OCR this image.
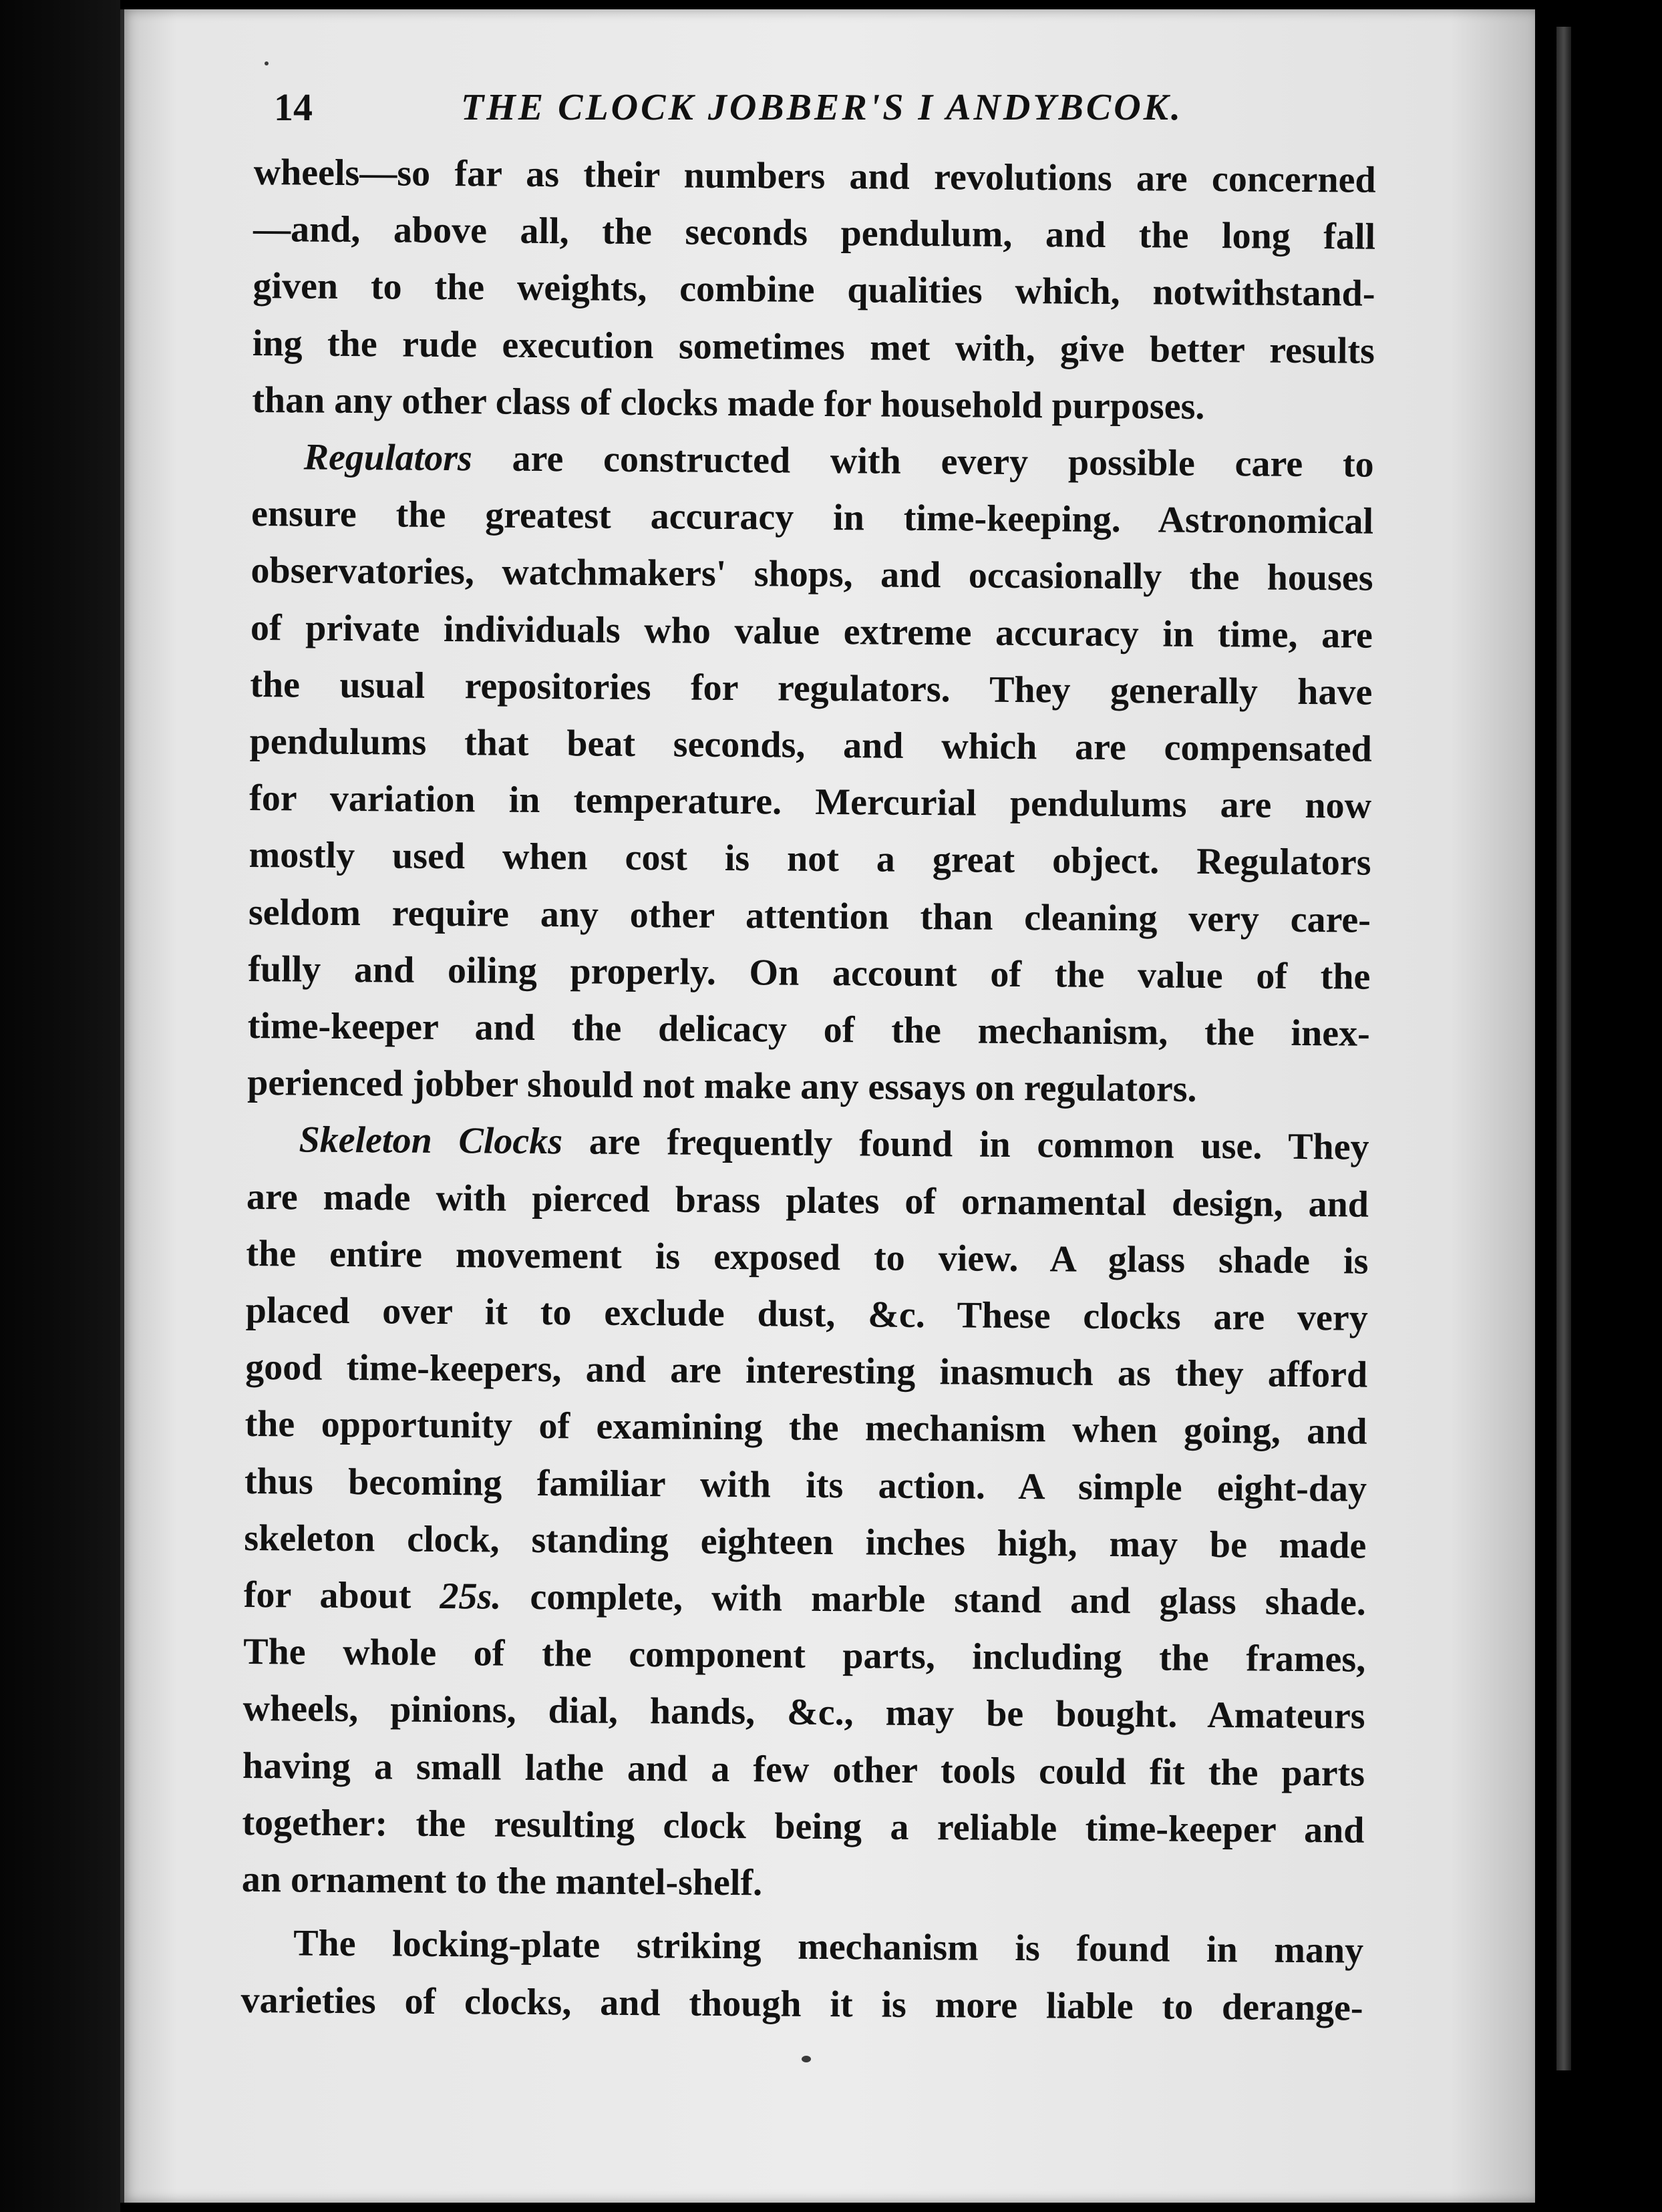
14	THE CLOCK JOBBER'S I ANDYBCOK.
wheels—so far as their numbers and revolutions are concerned
—and, above all, the seconds pendulum, and the long fall
given to the weights, combine qualities which, notwithstand-
ing the rude execution sometimes met with, give better results
than any other class of clocks made for household purposes.
Regulators are constructed with every possible care to
ensure the greatest accuracy in time-keeping. Astronomical
observatories, watchmakers' shops, and occasionally the houses
of private individuals who value extreme accuracy in time, are
the usual repositories for regulators. They generally have
pendulums that beat seconds, and which are compensated
for variation in temperature. Mercurial pendulums are now
mostly used when cost is not a great object. Regulators
seldom require any other attention than cleaning very care-
fully and oiling properly. On account of the value of the
time-keeper and the delicacy of the mechanism, the inex-
perienced jobber should not make any essays on regulators.
Skeleton Clocks are frequently found in common use. They
are made with pierced brass plates of ornamental design, and
the entire movement is exposed to view. A glass shade is
placed over it to exclude dust, &c. These clocks are very
good time-keepers, and are interesting inasmuch as they afford
the opportunity of examining the mechanism when going, and
thus becoming familiar with its action. A simple eight-day
skeleton clock, standing eighteen inches high, may be made
for about 25s. complete, with marble stand and glass shade.
The whole of the component parts, including the frames,
wheels, pinions, dial, hands, &c., may be bought. Amateurs
having a small lathe and a few other tools could fit the parts
together: the resulting clock being a reliable time-keeper and
an ornament to the mantel-shelf.
The locking-plate striking mechanism is found in many
varieties of clocks, and though it is more liable to derange-
